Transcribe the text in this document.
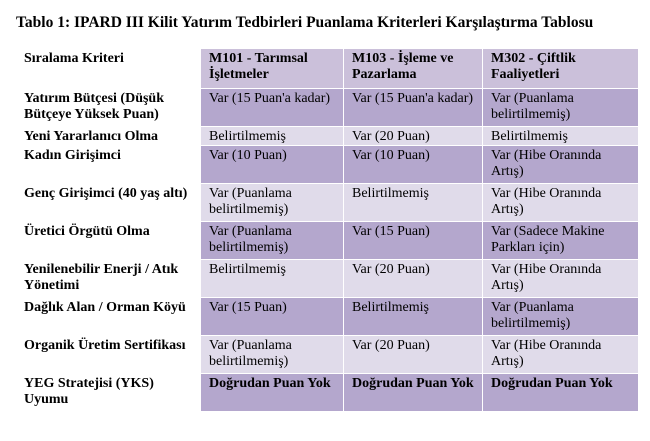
Tablo 1: IPARD III Kilit Yatırım Tedbirleri Puanlama Kriterleri Karşılaştırma Tablosu
Sıralama Kriteri	M101 - Tarımsal İşletmeler	M103 - İşleme ve Pazarlama	M302 - Çiftlik Faaliyetleri
Yatırım Bütçesi (Düşük Bütçeye Yüksek Puan)	Var (15 Puan'a kadar)	Var (15 Puan'a kadar)	Var (Puanlama belirtilmemiş)
Yeni Yararlanıcı Olma	Belirtilmemiş	Var (20 Puan)	Belirtilmemiş
Kadın Girişimci	Var (10 Puan)	Var (10 Puan)	Var (Hibe Oranında Artış)
Genç Girişimci (40 yaş altı)	Var (Puanlama belirtilmemiş)	Belirtilmemiş	Var (Hibe Oranında Artış)
Üretici Örgütü Olma	Var (Puanlama belirtilmemiş)	Var (15 Puan)	Var (Sadece Makine Parkları için)
Yenilenebilir Enerji / Atık Yönetimi	Belirtilmemiş	Var (20 Puan)	Var (Hibe Oranında Artış)
Dağlık Alan / Orman Köyü	Var (15 Puan)	Belirtilmemiş	Var (Puanlama belirtilmemiş)
Organik Üretim Sertifikası	Var (Puanlama belirtilmemiş)	Var (20 Puan)	Var (Hibe Oranında Artış)
YEG Stratejisi (YKS) Uyumu	Doğrudan Puan Yok	Doğrudan Puan Yok	Doğrudan Puan Yok
